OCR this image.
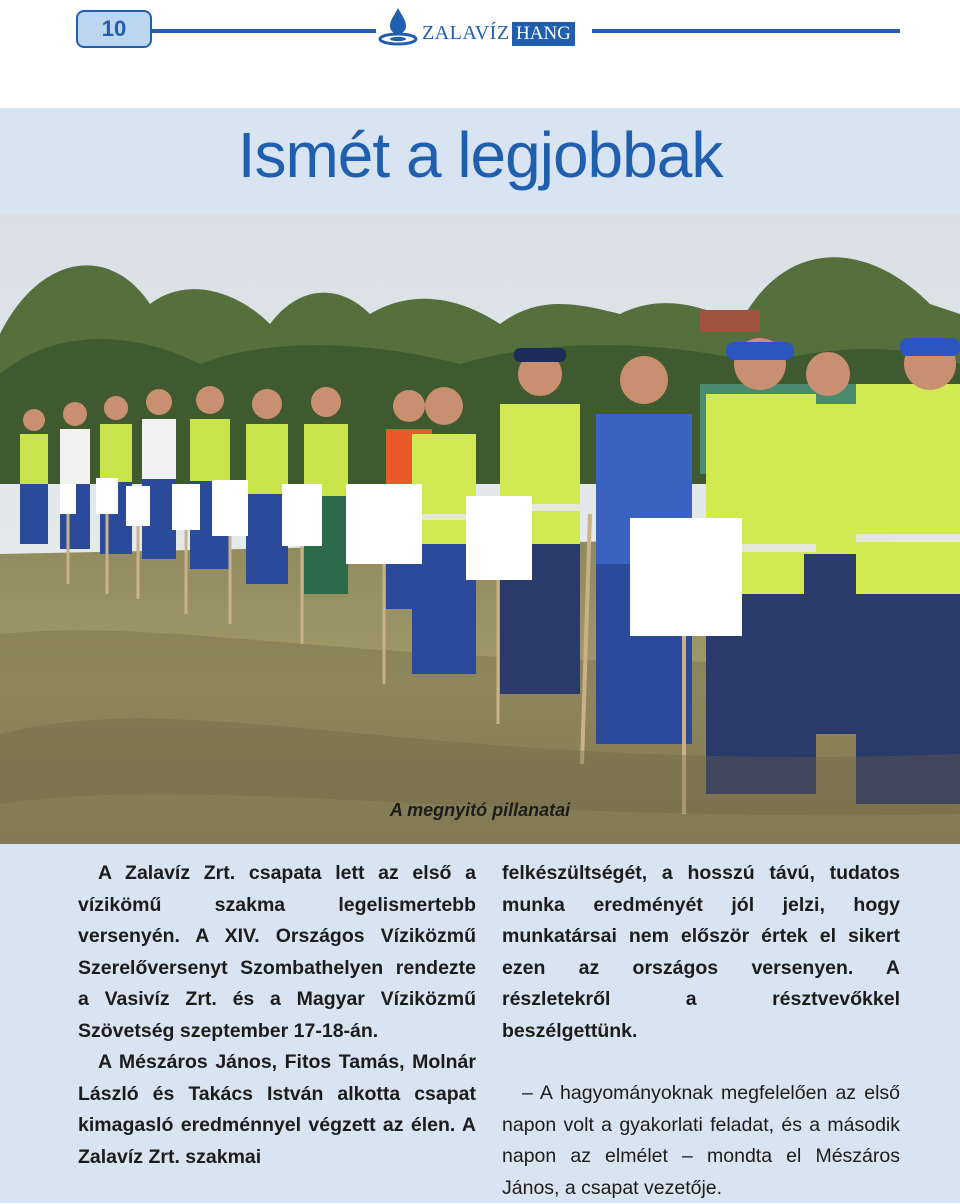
10	ZALAVÍZ HANG
Ismét a legjobbak
A megnyitó pillanatai

A Zalavíz Zrt. csapata lett az első a vízikömű szakma legelismertebb versenyén. A XIV. Országos Víziközmű Szerelőversenyt Szombathelyen rendezte a Vasivíz Zrt. és a Magyar Víziközmű Szövetség szeptember 17-18-án.

A Mészáros János, Fitos Tamás, Molnár László és Takács István alkotta csapat kimagasló eredménnyel végzett az élen. A Zalavíz Zrt. szakmai

felkészültségét, a hosszú távú, tudatos munka eredményét jól jelzi, hogy munkatársai nem először értek el sikert ezen az országos versenyen. A részletekről a résztvevőkkel beszélgettünk.

– A hagyományoknak megfelelően az első napon volt a gyakorlati feladat, és a második napon az elmélet – mondta el Mészáros János, a csapat vezetője.
